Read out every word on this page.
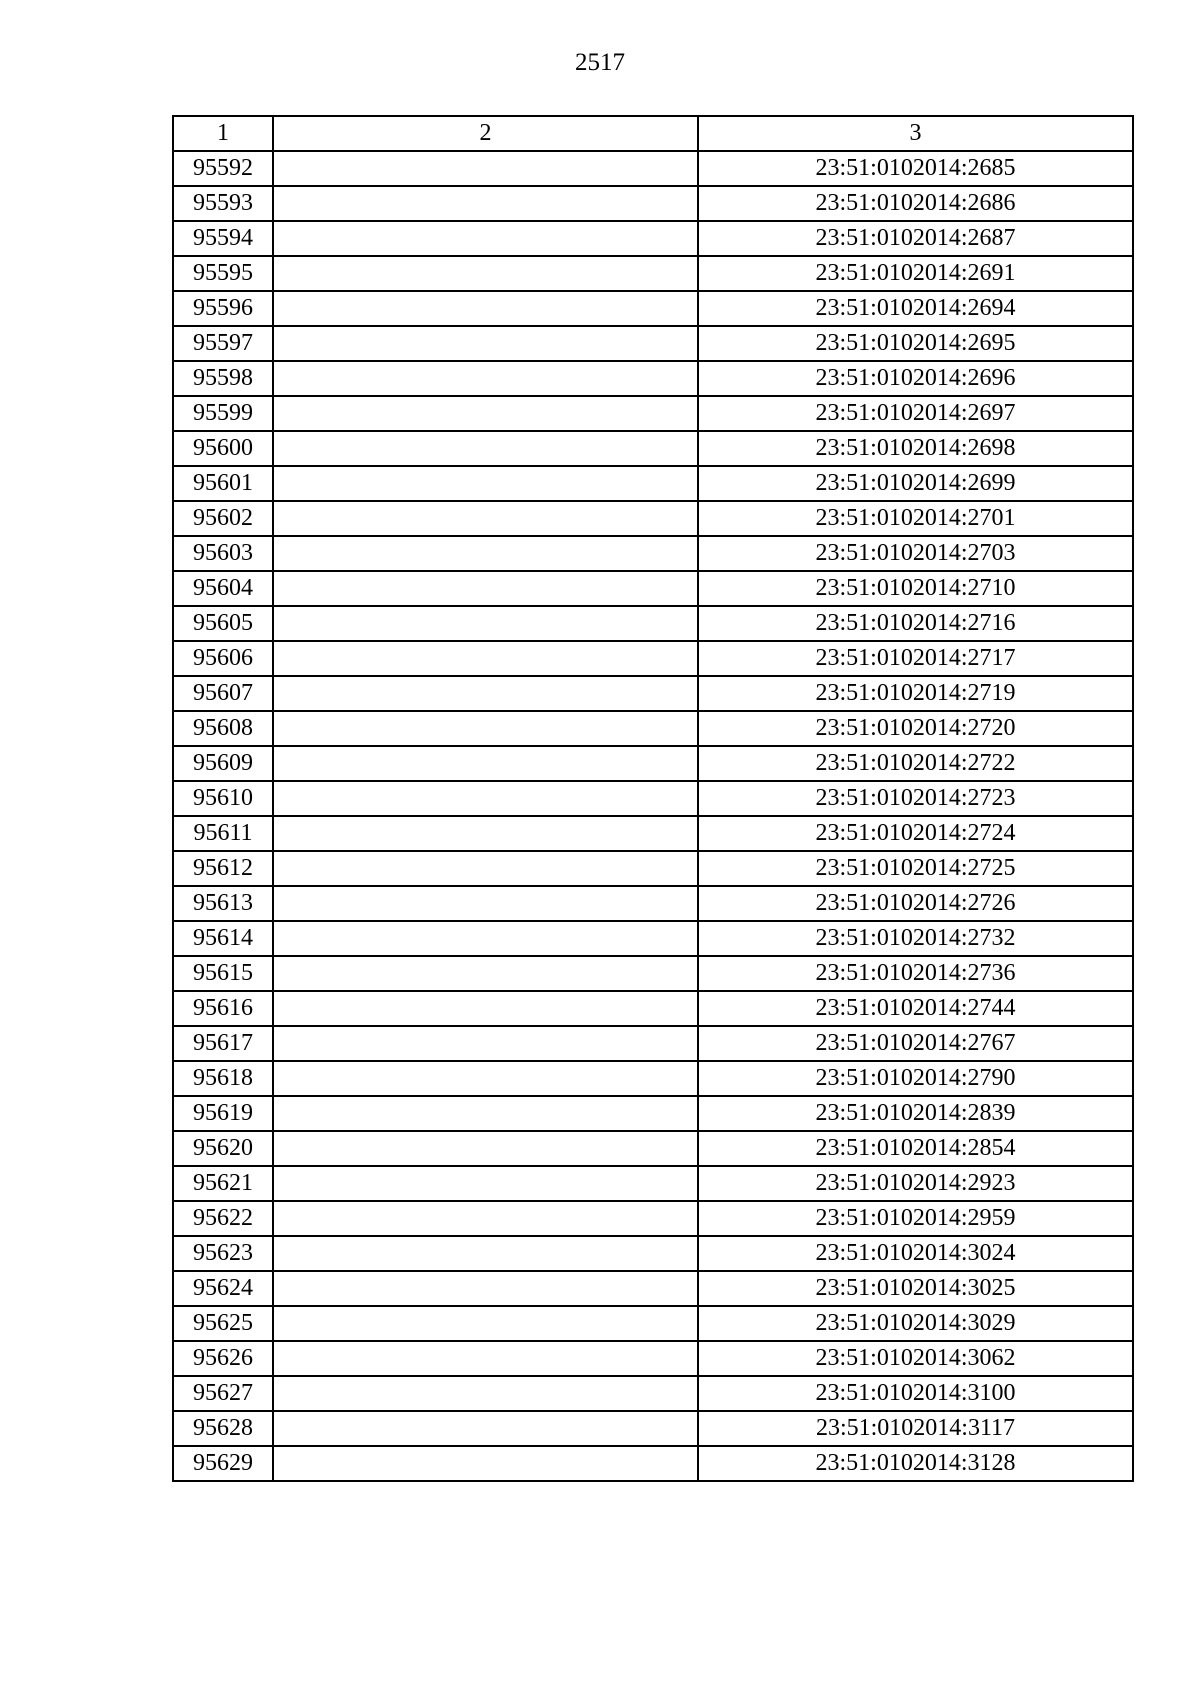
2517
1	2	3
95592		23:51:0102014:2685
95593		23:51:0102014:2686
95594		23:51:0102014:2687
95595		23:51:0102014:2691
95596		23:51:0102014:2694
95597		23:51:0102014:2695
95598		23:51:0102014:2696
95599		23:51:0102014:2697
95600		23:51:0102014:2698
95601		23:51:0102014:2699
95602		23:51:0102014:2701
95603		23:51:0102014:2703
95604		23:51:0102014:2710
95605		23:51:0102014:2716
95606		23:51:0102014:2717
95607		23:51:0102014:2719
95608		23:51:0102014:2720
95609		23:51:0102014:2722
95610		23:51:0102014:2723
95611		23:51:0102014:2724
95612		23:51:0102014:2725
95613		23:51:0102014:2726
95614		23:51:0102014:2732
95615		23:51:0102014:2736
95616		23:51:0102014:2744
95617		23:51:0102014:2767
95618		23:51:0102014:2790
95619		23:51:0102014:2839
95620		23:51:0102014:2854
95621		23:51:0102014:2923
95622		23:51:0102014:2959
95623		23:51:0102014:3024
95624		23:51:0102014:3025
95625		23:51:0102014:3029
95626		23:51:0102014:3062
95627		23:51:0102014:3100
95628		23:51:0102014:3117
95629		23:51:0102014:3128
